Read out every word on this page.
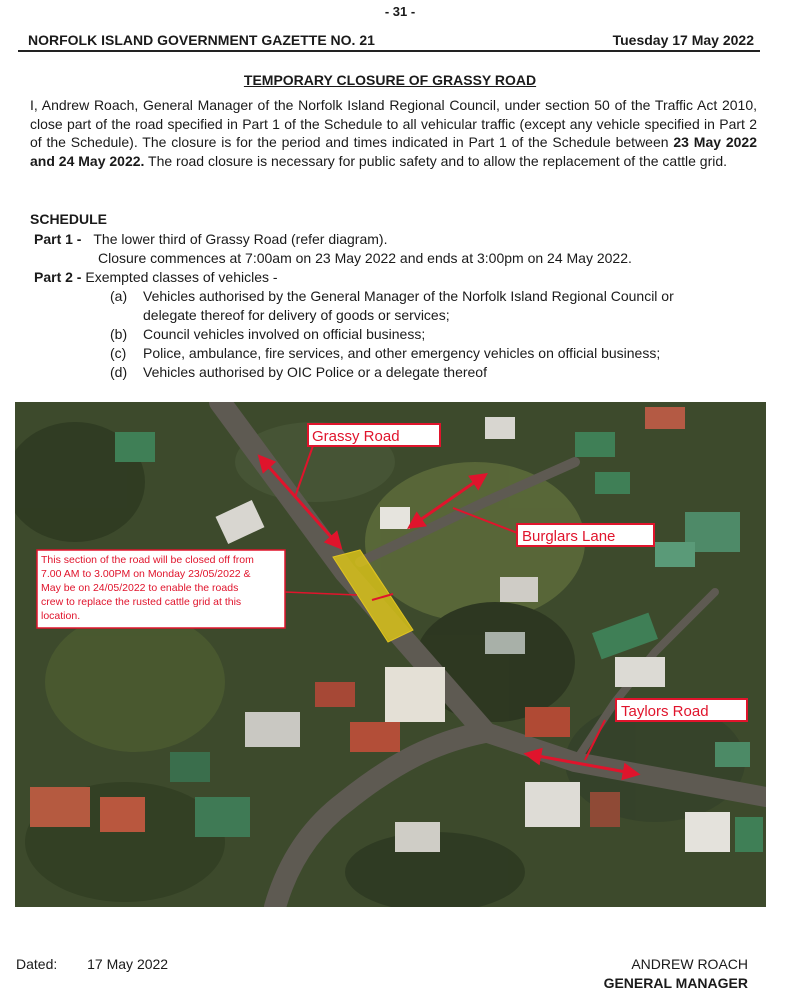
- 31 -
NORFOLK ISLAND GOVERNMENT GAZETTE NO. 21	Tuesday 17 May 2022
TEMPORARY CLOSURE OF GRASSY ROAD
I, Andrew Roach, General Manager of the Norfolk Island Regional Council, under section 50 of the Traffic Act 2010, close part of the road specified in Part 1 of the Schedule to all vehicular traffic (except any vehicle specified in Part 2 of the Schedule). The closure is for the period and times indicated in Part 1 of the Schedule between 23 May 2022 and 24 May 2022. The road closure is necessary for public safety and to allow the replacement of the cattle grid.
SCHEDULE
Part 1 - The lower third of Grassy Road (refer diagram).
Closure commences at 7:00am on 23 May 2022 and ends at 3:00pm on 24 May 2022.
Part 2 - Exempted classes of vehicles -
(a) Vehicles authorised by the General Manager of the Norfolk Island Regional Council or delegate thereof for delivery of goods or services;
(b) Council vehicles involved on official business;
(c) Police, ambulance, fire services, and other emergency vehicles on official business;
(d) Vehicles authorised by OIC Police or a delegate thereof
Grassy Road
Burglars Lane
Taylors Road
This section of the road will be closed off from 7.00 AM to 3.00PM on Monday 23/05/2022 & May be on 24/05/2022 to enable the roads crew to replace the rusted cattle grid at this location.
Dated: 17 May 2022	ANDREW ROACH
GENERAL MANAGER
